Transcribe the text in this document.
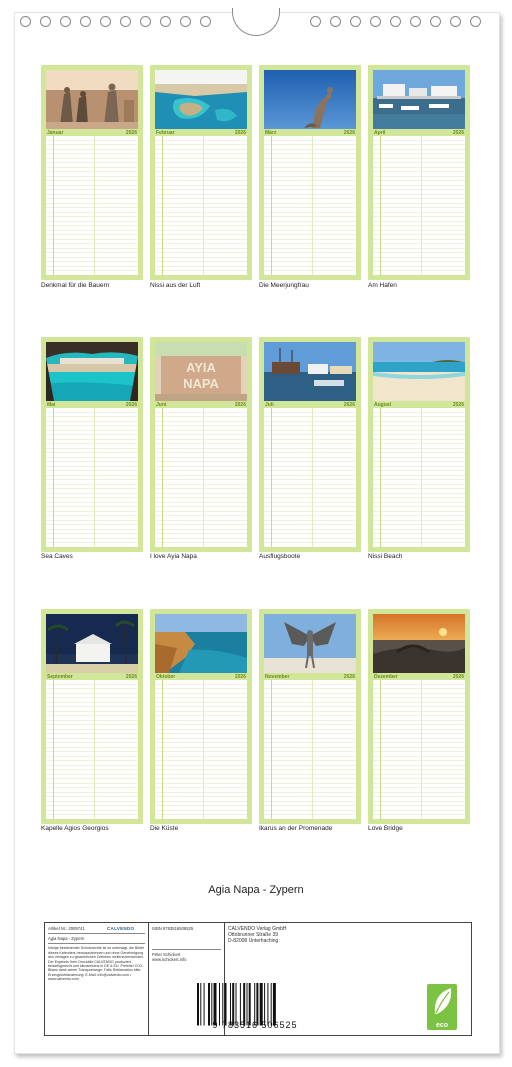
Januar	2026
Denkmal für die Bauern
Februar	2026
Nissi aus der Luft
März	2026
Die Meerjungfrau
April	2026
Am Hafen
Mai	2026
Sea Caves
AYIA
NAPA
Juni	2026
I love Ayia Napa
Juli	2026
Ausflugsboote
August	2026
Nissi Beach
September	2026
Kapelle Agios Georgios
Oktober	2026
Die Küste
November	2026
Ikarus an der Promenade
Dezember	2026
Love Bridge
Agia Napa - Zypern
Artikel Nr.: 2085741	CALVENDO
Agia Napa - Zypern
Infolge bestehender Schutzrechte ist es untersagt, die Bilder dieses Kalenders herauszutrennen und ohne Genehmigung des Verlages zu gewerblichen Zwecken weiterzuverwenden. Der Ergebnis Ihrer Druckbild CALVENDO produziert bedarfsgerecht und klimaneutral in DE & EU. Preisfrei CO2-Bilanz dank seiner Transportwege. Falls Reklamation bitte Erzeugnisbilanzierung: E-Mail: info@calvendo.com • www.calvendo.com
ISBN 9783516506525
Peter Schickert
www.schickert.info
CALVENDO Verlag GmbH
Ottobrunner Straße 39
D-82008 Unterhaching
9 783516 506525	eco
